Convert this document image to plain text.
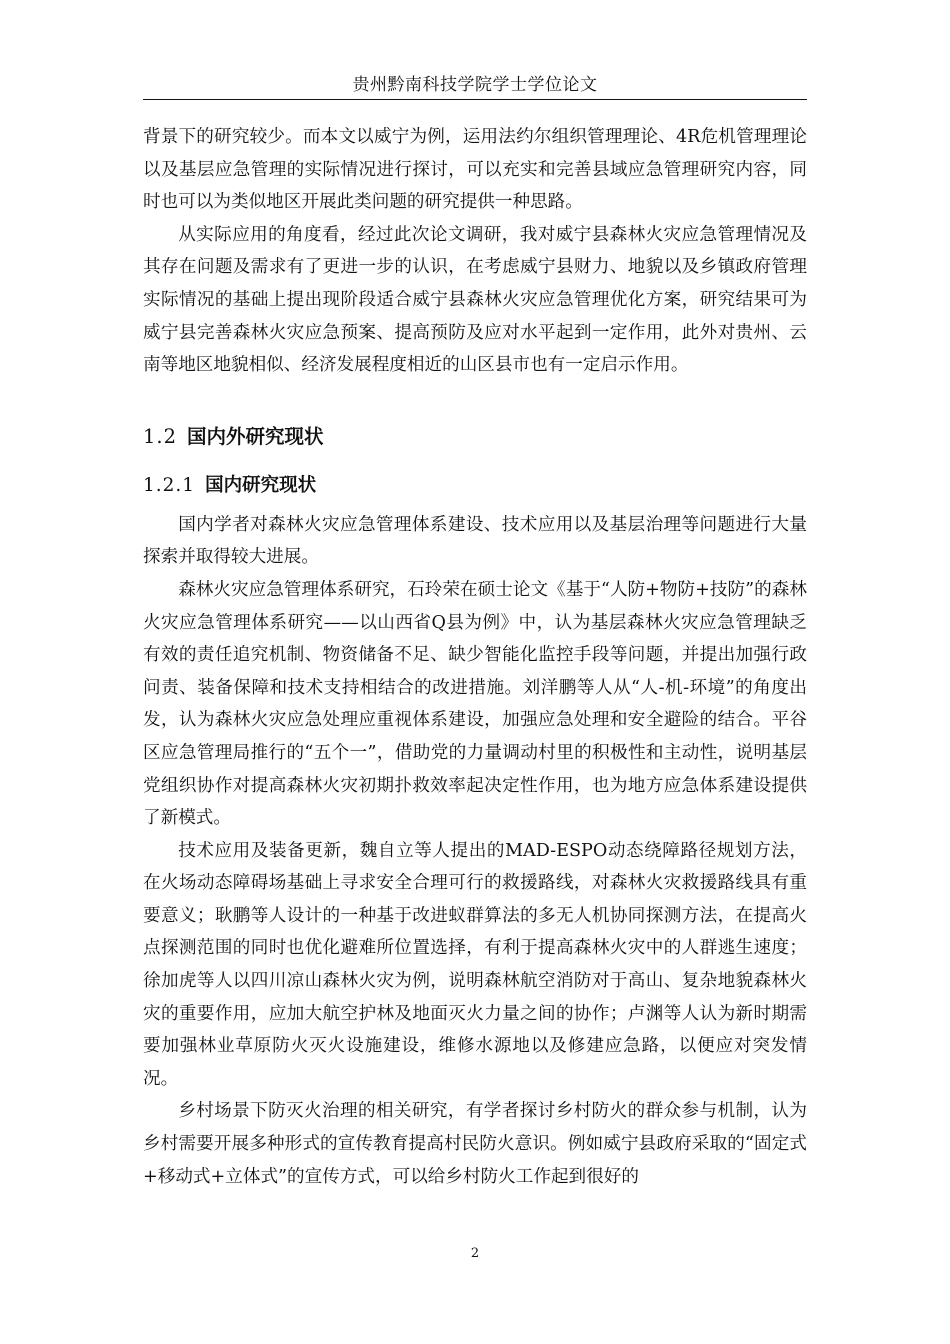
贵州黔南科技学院学士学位论文

背景下的研究较少。而本文以威宁为例，运用法约尔组织管理理论、4R危机管理理论以及基层应急管理的实际情况进行探讨，可以充实和完善县域应急管理研究内容，同时也可以为类似地区开展此类问题的研究提供一种思路。

从实际应用的角度看，经过此次论文调研，我对威宁县森林火灾应急管理情况及其存在问题及需求有了更进一步的认识，在考虑威宁县财力、地貌以及乡镇政府管理实际情况的基础上提出现阶段适合威宁县森林火灾应急管理优化方案，研究结果可为威宁县完善森林火灾应急预案、提高预防及应对水平起到一定作用，此外对贵州、云南等地区地貌相似、经济发展程度相近的山区县市也有一定启示作用。

1.2 国内外研究现状
1.2.1 国内研究现状

国内学者对森林火灾应急管理体系建设、技术应用以及基层治理等问题进行大量探索并取得较大进展。

森林火灾应急管理体系研究，石玲荣在硕士论文《基于“人防+物防+技防”的森林火灾应急管理体系研究——以山西省Q县为例》中，认为基层森林火灾应急管理缺乏有效的责任追究机制、物资储备不足、缺少智能化监控手段等问题，并提出加强行政问责、装备保障和技术支持相结合的改进措施。刘洋鹏等人从“人-机-环境”的角度出发，认为森林火灾应急处理应重视体系建设，加强应急处理和安全避险的结合。平谷区应急管理局推行的“五个一”，借助党的力量调动村里的积极性和主动性，说明基层党组织协作对提高森林火灾初期扑救效率起决定性作用，也为地方应急体系建设提供了新模式。

技术应用及装备更新，魏自立等人提出的MAD-ESPO动态绕障路径规划方法，在火场动态障碍场基础上寻求安全合理可行的救援路线，对森林火灾救援路线具有重要意义；耿鹏等人设计的一种基于改进蚁群算法的多无人机协同探测方法，在提高火点探测范围的同时也优化避难所位置选择，有利于提高森林火灾中的人群逃生速度；徐加虎等人以四川凉山森林火灾为例，说明森林航空消防对于高山、复杂地貌森林火灾的重要作用，应加大航空护林及地面灭火力量之间的协作；卢渊等人认为新时期需要加强林业草原防火灭火设施建设，维修水源地以及修建应急路，以便应对突发情况。

乡村场景下防灭火治理的相关研究，有学者探讨乡村防火的群众参与机制，认为乡村需要开展多种形式的宣传教育提高村民防火意识。例如威宁县政府采取的“固定式+移动式+立体式”的宣传方式，可以给乡村防火工作起到很好的

2
